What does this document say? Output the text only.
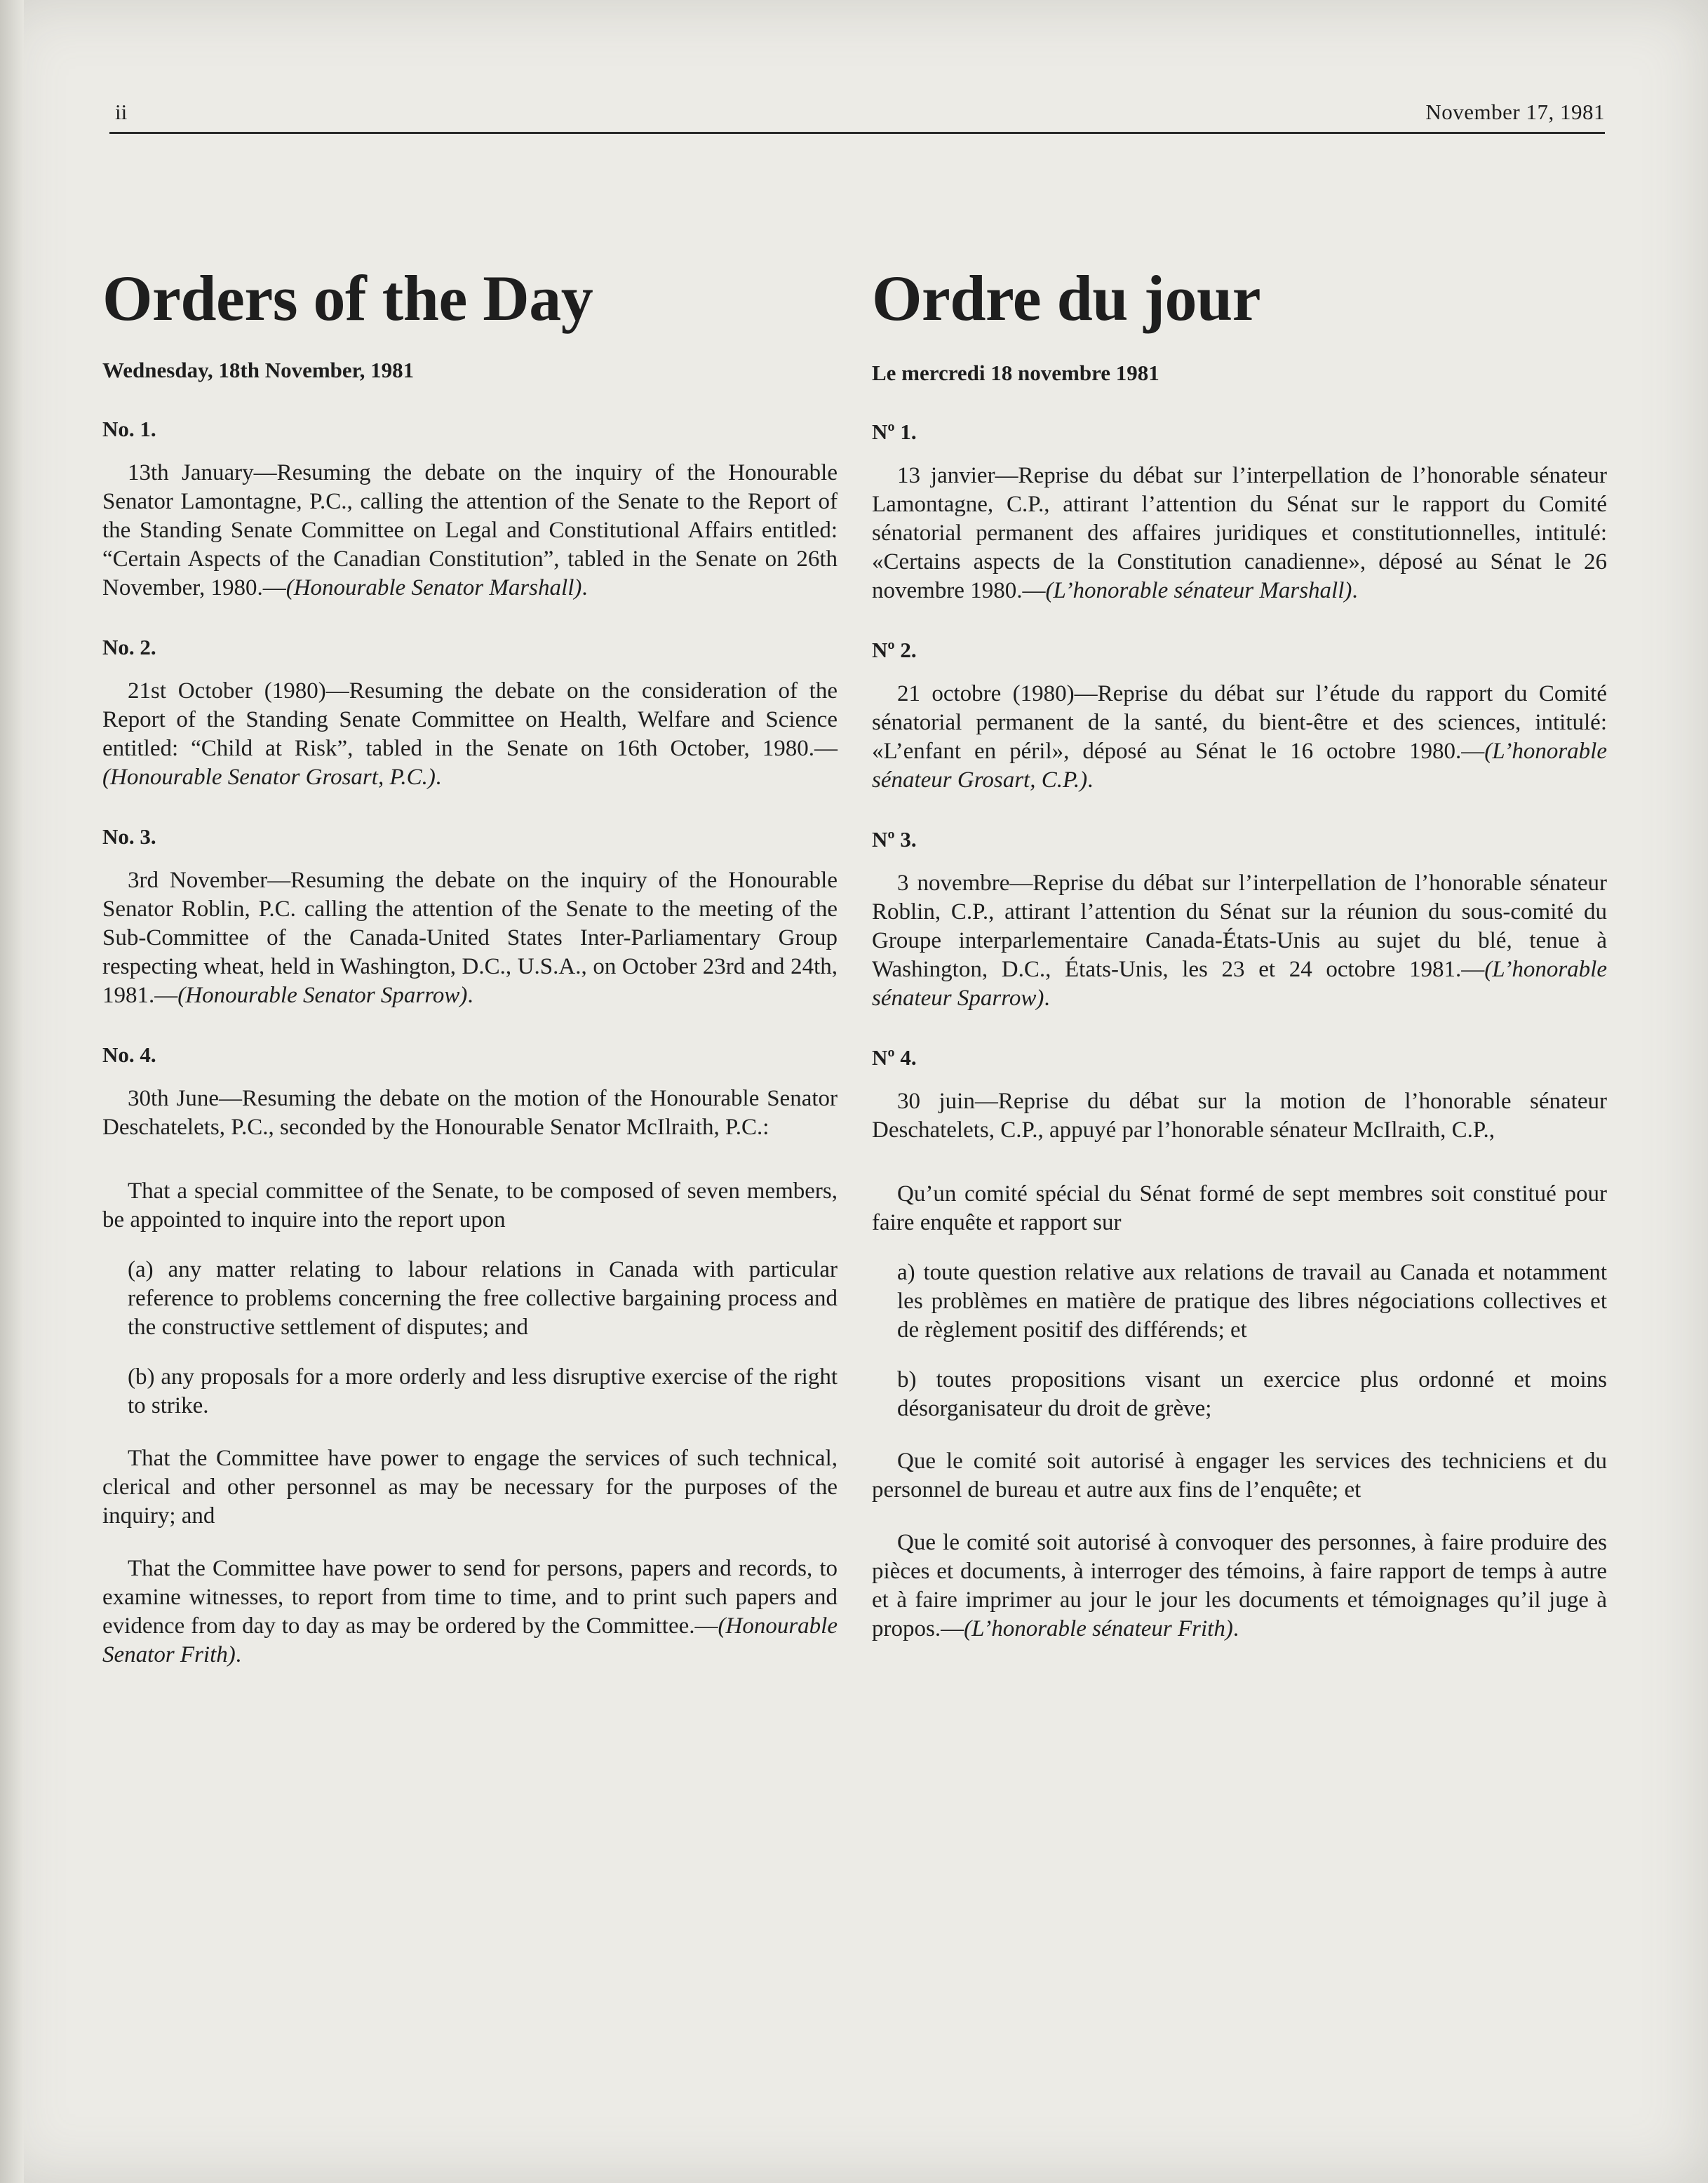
ii	November 17, 1981
Orders of the Day
Wednesday, 18th November, 1981
No. 1.

13th January—Resuming the debate on the inquiry of the Honourable Senator Lamontagne, P.C., calling the attention of the Senate to the Report of the Standing Senate Committee on Legal and Constitutional Affairs entitled: “Certain Aspects of the Canadian Constitution”, tabled in the Senate on 26th November, 1980.—(Honourable Senator Marshall).

No. 2.

21st October (1980)—Resuming the debate on the consideration of the Report of the Standing Senate Committee on Health, Welfare and Science entitled: “Child at Risk”, tabled in the Senate on 16th October, 1980.—(Honourable Senator Grosart, P.C.).

No. 3.

3rd November—Resuming the debate on the inquiry of the Honourable Senator Roblin, P.C. calling the attention of the Senate to the meeting of the Sub-Committee of the Canada-United States Inter-Parliamentary Group respecting wheat, held in Washington, D.C., U.S.A., on October 23rd and 24th, 1981.—(Honourable Senator Sparrow).

No. 4.

30th June—Resuming the debate on the motion of the Honourable Senator Deschatelets, P.C., seconded by the Honourable Senator McIlraith, P.C.:

That a special committee of the Senate, to be composed of seven members, be appointed to inquire into the report upon

(a) any matter relating to labour relations in Canada with particular reference to problems concerning the free collective bargaining process and the constructive settlement of disputes; and

(b) any proposals for a more orderly and less disruptive exercise of the right to strike.

That the Committee have power to engage the services of such technical, clerical and other personnel as may be necessary for the purposes of the inquiry; and

That the Committee have power to send for persons, papers and records, to examine witnesses, to report from time to time, and to print such papers and evidence from day to day as may be ordered by the Committee.—(Honourable Senator Frith).

Ordre du jour
Le mercredi 18 novembre 1981
Nº 1.

13 janvier—Reprise du débat sur l’interpellation de l’honorable sénateur Lamontagne, C.P., attirant l’attention du Sénat sur le rapport du Comité sénatorial permanent des affaires juridiques et constitutionnelles, intitulé: «Certains aspects de la Constitution canadienne», déposé au Sénat le 26 novembre 1980.—(L’honorable sénateur Marshall).

Nº 2.

21 octobre (1980)—Reprise du débat sur l’étude du rapport du Comité sénatorial permanent de la santé, du bient-être et des sciences, intitulé: «L’enfant en péril», déposé au Sénat le 16 octobre 1980.—(L’honorable sénateur Grosart, C.P.).

Nº 3.

3 novembre—Reprise du débat sur l’interpellation de l’honorable sénateur Roblin, C.P., attirant l’attention du Sénat sur la réunion du sous-comité du Groupe interparlementaire Canada-États-Unis au sujet du blé, tenue à Washington, D.C., États-Unis, les 23 et 24 octobre 1981.—(L’honorable sénateur Sparrow).

Nº 4.

30 juin—Reprise du débat sur la motion de l’honorable sénateur Deschatelets, C.P., appuyé par l’honorable sénateur McIlraith, C.P.,

Qu’un comité spécial du Sénat formé de sept membres soit constitué pour faire enquête et rapport sur

a) toute question relative aux relations de travail au Canada et notamment les problèmes en matière de pratique des libres négociations collectives et de règlement positif des différends; et

b) toutes propositions visant un exercice plus ordonné et moins désorganisateur du droit de grève;

Que le comité soit autorisé à engager les services des techniciens et du personnel de bureau et autre aux fins de l’enquête; et

Que le comité soit autorisé à convoquer des personnes, à faire produire des pièces et documents, à interroger des témoins, à faire rapport de temps à autre et à faire imprimer au jour le jour les documents et témoignages qu’il juge à propos.—(L’honorable sénateur Frith).
